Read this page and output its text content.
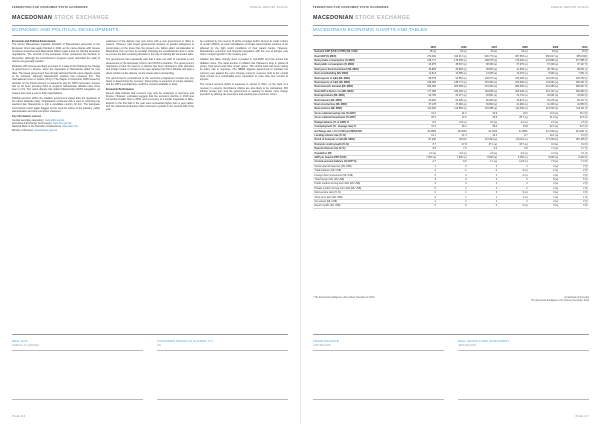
FEDERATION FOR CONSUMER STATE ECONOMIES	ANNUAL REPORT 2010/11
MACEDONIAN STOCK EXCHANGE
ECONOMIC AND POLITICAL DEVELOPMENTS

Economic and Political Environment
The former Macedonian Yugoslav Republic of Macedonia's accession to the European Union was again blocked in 2010, as the name dispute with Greece remained unresolved and Macedonia failed to gain a date for starting accession negotiations. The Council of the European Union postponed the decision in December, although the Commission's progress report described the state of reforms as generally positive.

Relations with Greece are likely to remain in a state of flux following the change of government in Greece, when the opposition in Macedonia called for new talks. The Greek government has strongly advised that the name dispute needs to be resolved, although Macedonia's position has remained firm. The International Court of Justice (ICJ) in The Hague in November 2008 issued its decision on the Interim Accord. It cleared the way for NATO accession, Greece has so far been pressing 2011 to respond. Macedonian officials have since been in ICJ. The name dispute has stalled Macedonia's NATO integration, as Greece has used a veto in both organisations.

Political tensions within the coalition government eased after the departure of the ethnic Albanian party. Negotiations continued with a view to reforming the electoral law. Macedonia is still a candidate country for EU. The European Commission report again flagged up the need for reform of the judiciary, public administration and anti-corruption measures.

Key information sources
Central securities depository: www.cdhv.org.mk
Securities & Exchange Commission: www.sec.gov.mk
National Bank of the Republic of Macedonia: www.nbrm.mk
Ministry of Finance: www.finance.gov.mk

settlement of the dispute may now come with a new government in office in Greece. However, past Greek governments showed no greater willingness to compromise on the issue than the present one. Either side's consideration of Macedonia may yet have to consider changing the constitutional name in order to remove the last remaining obstacle in the way of starting EU accession talks.

The government has repeatedly said that it does not wish to conclude a new assessment of the European Union's and NATO's positions. The government's reluctance to take the lead on a solution has been criticised in both domestic and foreign media. It remains to be seen whether the Prime Minister will seek a direct solution to the dispute, as the Greek side is demanding.

The government's commitment to the economic programme remains the key factor in determining the recovery. Fiscal policy is expected to remain cautious, and the IMF's precautionary credit line remains available in 2011.

Economic Performance
Recent data indicate that recovery may now be underway in Germany and France. However, estimates suggest that the economic decline in 2010 was somewhat smaller than in 2009, and a recovery of a similar magnitude is likely. Exports in the first half of the year were somewhat higher than a year earlier, and the industrial production index returned to growth in the second half of the year.

be restricted by the need to fit within a budget deficit. Access to credit is likely to remain difficult, as local subsidiaries of foreign-owned banks continue to be affected by the tight credit conditions of their parent banks. However, Macedonia's economic and financial integration with the rest of Europe may help to support growth in the medium term.

Inflation has fallen sharply since it peaked in mid-2008, and has turned into deflation since. The rapid decline in inflation has followed a drop in global oil prices, food prices and other import prices. The central bank has been cutting its policy rate in response. The NBRM appears determined to maintain the currency peg against the euro. Foreign currency reserves held at the central bank remain at a comfortable level, equivalent to more than four months of imports.

The current account deficit is expected to narrow in 2011, on the back of a recovery in exports. Remittance inflows are also likely to be maintained. FDI inflows remain low, and the government is seeking to attract more foreign investors by offering tax incentives and creating free economic zones.

REAL GDP
(ANNUAL % CHANGE)
CONSUMER PRICES (% CHANGE Y/Y)
(%)
PAGE 116
FEDERATION FOR CONSUMER STATE ECONOMIES	ANNUAL REPORT 2010/11
MACEDONIAN STOCK EXCHANGE
MACEDONIAN ECONOMIC CHARTS AND TABLES
	2005	2006	2007	2008	2009	2010
Nominal GDP (USD at PPP) (ML USD)	18 (e)	19 (e)	20 (e)	19 (e)	19 (e)	19 (f)
Real GDP (% MKD)	270,904	310,917 (e)	326,770 (e)	367,505 (e)	350,617 (e)	355,150(f)
Real private consumption (% MKD)	195,777	178,905 (e)	168,975 (e)	175,000 (e)	176,890 (e)	177,985 (f)
Real public consumption (% MKD)	34,975	38,507 (e)	38,350 (e)	37,979 (e)	37,000 (e)	37,127 (f)
Real gross fixed investment (ML MKD)	36,808	32,863 (e)	35,804 (e)	41,600 (e)	35,750 (e)	38,001 (f)
Real stockbuilding (ML MKD)	10,613	13,685 (e)	13,005 (e)	13,075 (e)	8,900 (e)	7,561 (f)
Real exports of G&S (ML MKD)	88,378	91,852 (e)	103,274 (e)	100,000 (e)	101,040 (e)	103,730 (f)
Real imports of G&S (ML MKD)	136,006	138,771 (e)	154,590 (e)	169,000 (e)	144,691 (e)	159,201 (f)
Real domestic demand (ML MKD)	263,484	263,959 (e)	276,000 (e)	286,000 (e)	261,655 (e)	289,647 (f)
Real GDP at factor cost (ML MKD)	177,698	184,482 (e)	194,065 (e)	205,040 (e)	207,107 (e)	206,950 (f)
Real agriculture (ML MKD)	20,783	22,077 (e)	20,801 (e)	22,761 (e)	23,001 (e)	24,000 (f)
Real industry (ML MKD)	60,300	62,845 (e)	66,600 (e)	69,871 (e)	63,278 (e)	65,127 (f)
Real construction (ML MKD)	37,178	37,960 (e)	39,800 (e)	41,900 (e)	41,330 (e)	41,580 (f)
Real services (ML MKD)	110,000	112,860 (e)	115,686 (e)	112,000 (e)	113,500 (e)	114,111 (f)
Gross national saving rate (% GDP)	19.2	21.0	19.9	19.6	14.0 (e)	15.4 (f)
Gross national investment (% GDP)	20.2	22.0	25.6	28.7 (e)	21.0 (e)	22.6 (f)
Budget balance (% of GDP) %	-0.6	-0.5 (e)	0.6 (e)	-1.0 (e)	-2.6 (e)	-2.5 (f)
Unemployment (% - Average rate) %	37.3	36.0	35.0	33.8	32.2 (e)	32.0 (f)
Exchange rate, LCU / USD (av) MKD/USD	49.2805	48.4003	44.7303	41.8651	44.4700 (e)	46.4231 (f)
Lending interest rate (% %)	12.1	11.3	10.2	9.7	10.1 (e)	9.4 (f)
Stock of domestic credit (ML MKD)	87,260	93,013	127,904 (e)	170,110 (e)	177,000 (e)	187,405 (f)
Domestic credit growth (% %)	8.7	27.8	37.1 (e)	33.7 (e)	4.0 (e)	6.0 (f)
Deposit interest rate (% %)	8.5	7.0	6.0	5.8	7.0 (e)	6.7 (f)
Population (M)	2.0 (e)	2.0 (e)	2.0 (e)	2.0 (e)	2.0 (e)	2.1 (f)
GDP per head at PPP (USD)	7,900 (e)	7,900 (e)	8,600 (e)	9,300 (e)	9,000 (e)	9,200 (f)
Current-account balance (% GDP %)	-2.7	-0.9	-7.1 (e)	-12.8 (e)	-7.8 (e)	-7.0 (f)
Gross external reserves (ML US$)	1	2	2	2	2 (e)	2 (f)
Trade balance (ML US$)	-1	-1	-2	-3 (e)	-2 (e)	-2 (f)
Foreign direct investment (ML US$)	0	0	1	0 (e)	0 (e)	0 (f)
Total foreign debt (ML US$)	3	3	4	5	5 (e)	5 (f)
Public medium & long-term debt (ML US$)	2	2	2	2	2 (e)	2 (f)
Private medium & long-term debt (ML US$)	0	1	1	2	2 (e)	2 (f)
Debt-service ratio (% %)	0	1	0	0 (e)	0 (e)	0 (f)
Short-term debt (ML US$)	0	1	1	1 (e)	1 (e)	1 (f)
Net assets (ML US$)	1	1	1	2	2 (e)	2 (f)
Export credits (ML US$)	0	0	0	0 (e)	0 (e)	0 (f)
* The Economist Intelligence Unit Limited, forecasts for 2010	(e) Estimate (f) Forecast
The Economist Intelligence Unit Limited, December 2010
TRADE BALANCE
(USD BILLION)
REAL GROSS FIXED INVESTMENT
(MKD BILLION)
PAGE 117
